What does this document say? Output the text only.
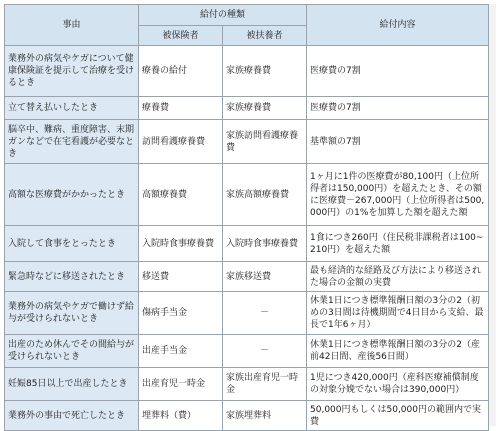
事由	給付の種類		給付内容
	被保険者	被扶養者	
業務外の病気やケガについて健康保険証を提示して治療を受けるとき	療養の給付	家族療養費	医療費の7割
立て替え払いしたとき	療養費	家族療養費	医療費の7割
脳卒中、難病、重度障害、末期ガンなどで在宅看護が必要なとき	訪問看護療養費	家族訪問看護療養費	基準額の7割
高額な医療費がかかったとき	高額療養費	家族高額療養費	1ヶ月に1件の医療費が80,100円（上位所得者は150,000円）を超えたとき、その額に医療費－267,000円（上位所得者は500,000円）の1%を加算した額を超えた額
入院して食事をとったとき	入院時食事療養費	入院時食事療養費	1食につき260円（住民税非課税者は100~210円）を超えた額
緊急時などに移送されたとき	移送費	家族移送費	最も経済的な経路及び方法により移送された場合の金額の実費
業務外の病気やケガで働けず給与が受けられないとき	傷病手当金	－	休業1日につき標準報酬日額の3分の2（初めの3日間は待機期間で4日目から支給、最長で1年6ヶ月）
出産のため休んでその間給与が受けられないとき	出産手当金	－	休業1日につき標準報酬日額の3分の2（産前42日間、産後56日間）
妊娠85日以上で出産したとき	出産育児一時金	家族出産育児一時金	1児につき420,000円（産科医療補償制度の対象分娩でない場合は390,000円）
業務外の事由で死亡したとき	埋葬料（費）	家族埋葬料	50,000円もしくは50,000円の範囲内で実費
